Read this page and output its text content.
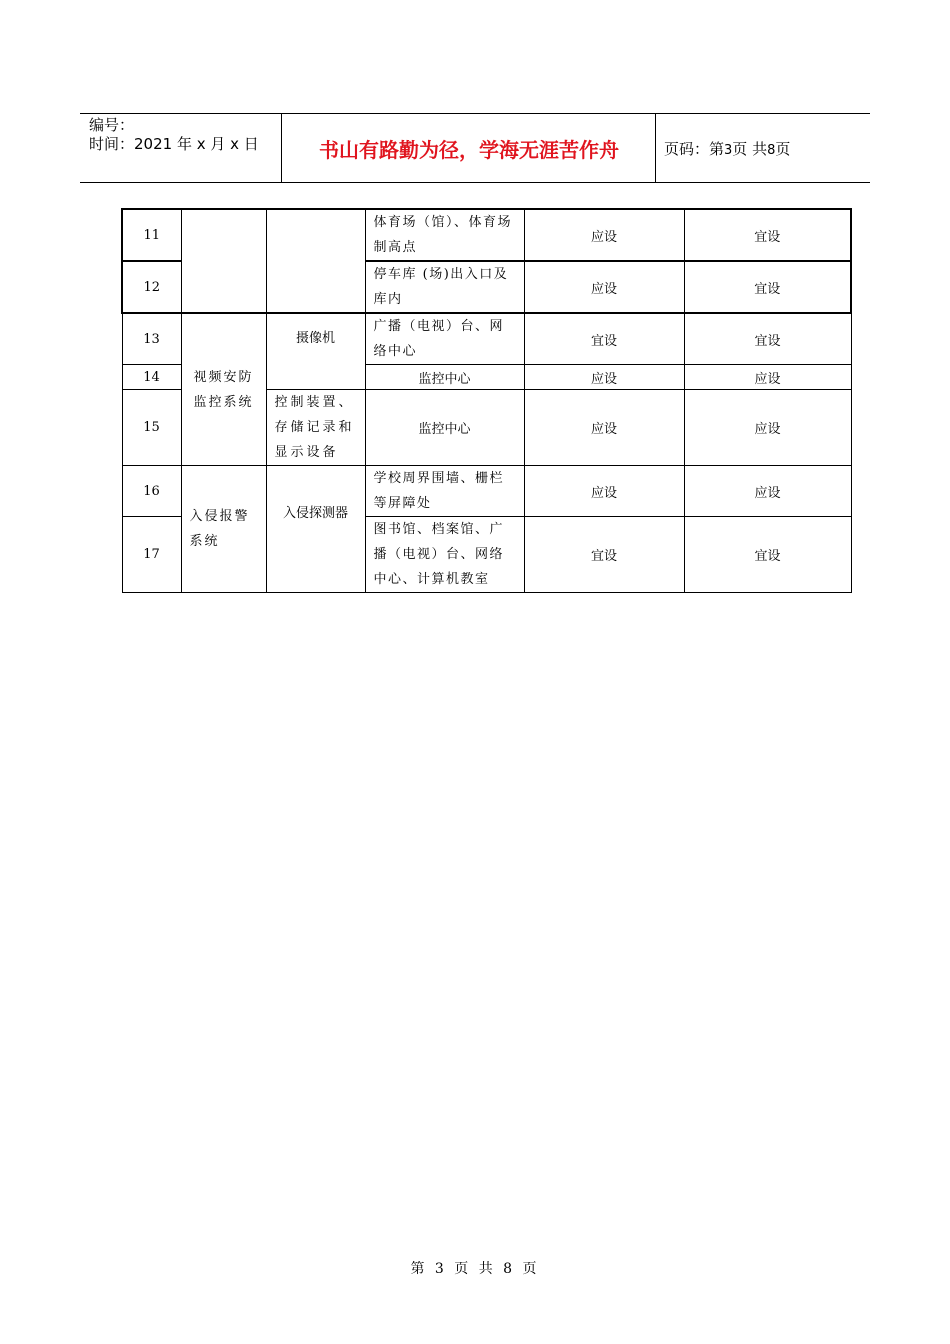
编号：
时间：2021 年 x 月 x 日	书山有路勤为径，学海无涯苦作舟	页码：第3页 共8页
11			体育场（馆）、体育场制高点	应设	宜设
12			停车库 (场)出入口及库内	应设	宜设
13	视频安防监控系统	摄像机	广播（电视）台、网络中心	宜设	宜设
14			监控中心	应设	应设
15		控制装置、存储记录和显示设备	监控中心	应设	应设
16	入侵报警系统	入侵探测器	学校周界围墙、栅栏等屏障处	应设	应设
17			图书馆、档案馆、广播（电视）台、网络中心、计算机教室	宜设	宜设
第 3 页 共 8 页
